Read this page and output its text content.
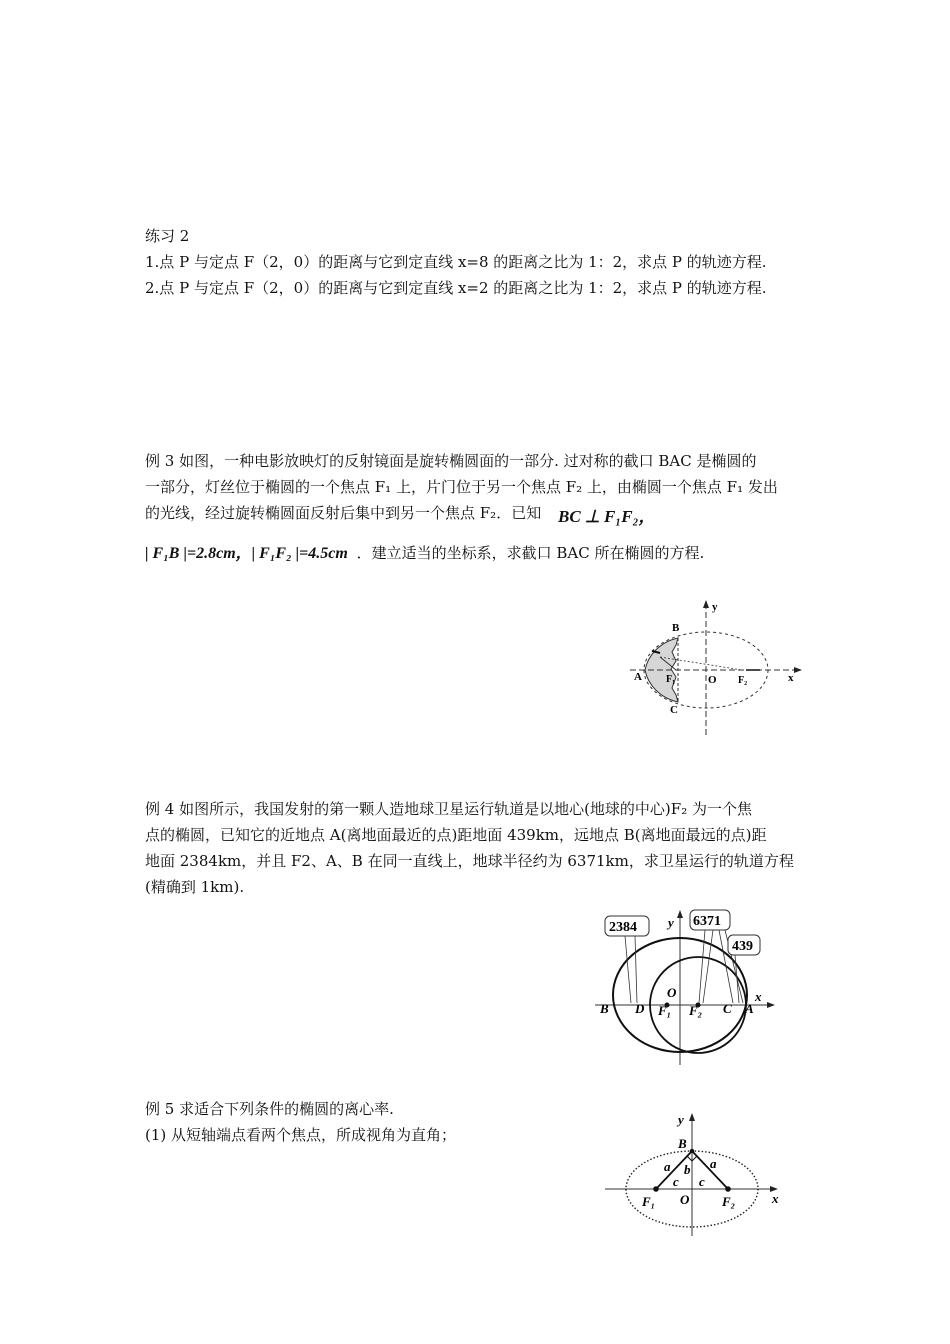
练习 2

1.点 P 与定点 F（2，0）的距离与它到定直线 x=8 的距离之比为 1：2，求点 P 的轨迹方程.

2.点 P 与定点 F（2，0）的距离与它到定直线 x=2 的距离之比为 1：2，求点 P 的轨迹方程.

例 3 如图，一种电影放映灯的反射镜面是旋转椭圆面的一部分. 过对称的截口 BAC 是椭圆的

一部分，灯丝位于椭圆的一个焦点 F₁ 上，片门位于另一个焦点 F₂ 上，由椭圆一个焦点 F₁ 发出

的光线，经过旋转椭圆面反射后集中到另一个焦点 F₂．已知 BC ⊥ F₁F₂，

| F₁B |=2.8cm，| F₁F₂ |=4.5cm ．建立适当的坐标系，求截口 BAC 所在椭圆的方程.

B
A
C
O
F₁	F₂	x
y

例 4 如图所示，我国发射的第一颗人造地球卫星运行轨道是以地心(地球的中心)F₂ 为一个焦

点的椭圆，已知它的近地点 A(离地面最近的点)距地面 439km，远地点 B(离地面最远的点)距

地面 2384km，并且 F2、A、B 在同一直线上，地球半径约为 6371km，求卫星运行的轨道方程

(精确到 1km).

2384	6371
439
B D F₁ F₂ C A
O	x
y

例 5 求适合下列条件的椭圆的离心率.

(1) 从短轴端点看两个焦点，所成视角为直角；	B
a	a
b
c c
O
F₁	F₂	x
y
